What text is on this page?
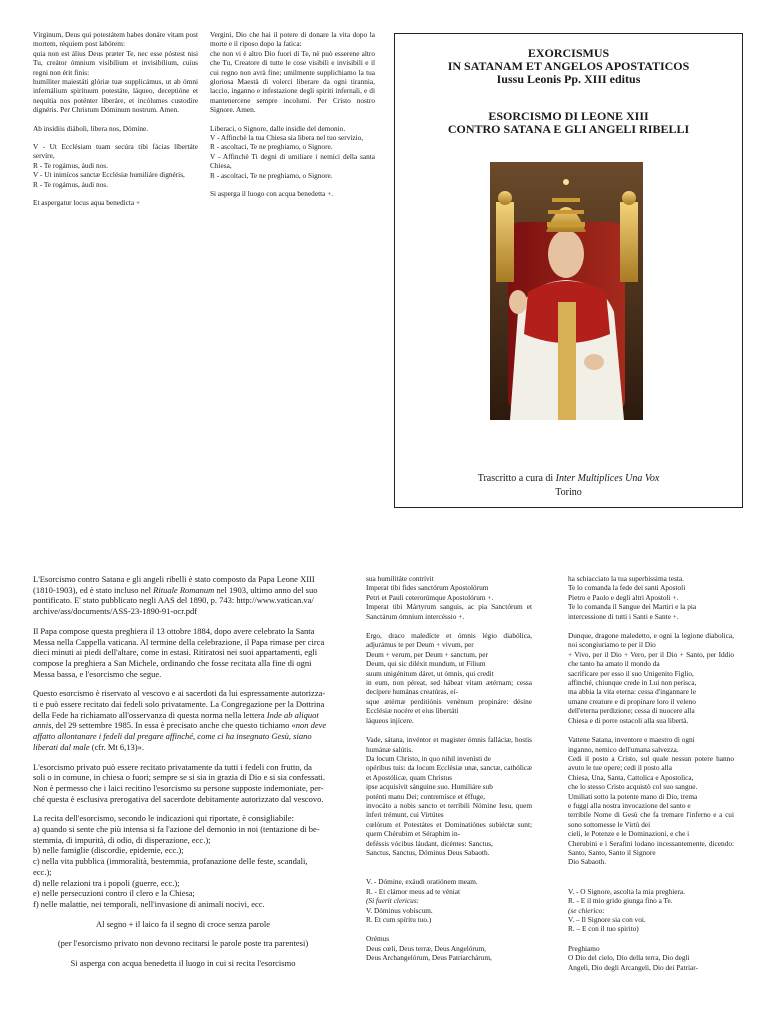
Vírginum, Deus qui potestátem habes donáre vitam post mortem, réquiem post labórem:
quia non est álius Deus præter Te, nec esse póstest nisi Tu, creátor ómnium visibílium et invisibílium, cuius regni non érit finis:
humíliter maiestáti glóriæ tuæ supplicámus, ut ab ómni infernálium spirítuum potestáte, láqueo, deceptióne et nequítia nos poténter líberáre, et incólumes custodíre dignéris. Per Christum Dóminum nostrum. Amen.
Ab insídiis diáboli, líbera nos, Dómine.
V - Ut Ecclésiam tuam secúra tibi fácias líbertáte servíre,
R - Te rogámus, áudi nos.
V - Ut inimícos sanctæ Ecclésiæ humiliáre dignéris,
R - Te rogámus, áudi nos.
Et aspergatur locus aqua benedicta +
Vergini, Dio che hai il potere di donare la vita dopo la morte e il riposo dopo la fatica:
che non vi è altro Dio fuori di Te, nè può esserene altro che Tu, Creatore di tutte le cose visibili e invisibili e il cui regno non avrà fine; umilmente supplichiamo la tua gloriosa Maestà di volerci liberare da ogni tirannia, laccio, inganno e infestazione degli spiriti infernali, e di mantenercene sempre incolumi. Per Cristo nostro Signore. Amen.
Liberaci, o Signore, dalle insidie del demonio.
V - Affinchè la tua Chiesa sia libera nel tuo servizio,
R - ascoltaci, Te ne preghiamo, o Signore.
V - Affinchè Ti degni di umiliare i nemici della santa Chiesa,
R - ascoltaci, Te ne preghiamo, o Signore.
Si asperga il luogo con acqua benedetta +.
EXORCISMUS
IN SATANAM ET ANGELOS APOSTATICOS
Iussu Leonis Pp. XIII editus
ESORCISMO DI LEONE XIII
CONTRO SATANA E GLI ANGELI RIBELLI
Trascritto a cura di Inter Multiplices Una Vox
Torino

L'Esorcismo contro Satana e gli angeli ribelli è stato composto da Papa Leone XIII
(1810-1903), ed è stato incluso nel Rituale Romanum nel 1903, ultimo anno del suo
pontificato. E' stato pubblicato negli AAS del 1890, p. 743: http://www.vatican.va/
archive/ass/documents/ASS-23-1890-91-ocr.pdf

Il Papa compose questa preghiera il 13 ottobre 1884, dopo avere celebrato la Santa
Messa nella Cappella vaticana. Al termine della celebrazione, il Papa rimase per circa
dieci minuti ai piedi dell'altare, come in estasi. Ritiratosi nei suoi appartamenti, egli
compose la preghiera a San Michele, ordinando che fosse recitata alla fine di ogni
Messa bassa, e l'esorcismo che segue.

Questo esorcismo è riservato al vescovo e ai sacerdoti da lui espressamente autorizza-
ti e può essere recitato dai fedeli solo privatamente. La Congregazione per la Dottrina
della Fede ha richiamato all'osservanza di questa norma nella lettera Inde ab aliquot
annis, del 29 settembre 1985. In essa è precisato anche che questo tichiamo «non deve
affatto allontanare i fedeli dal pregare affinché, come ci ha insegnato Gesù, siano
liberati dal male (cfr. Mt 6,13)».

L'esorcismo privato può essere recitato privatamente da tutti i fedeli con frutto, da
soli o in comune, in chiesa o fuori; sempre se si sia in grazia di Dio e si sia confessati.
Non è permesso che i laici recitino l'esorcismo su persone supposte indemoniate, per-
ché questa è esclusiva prerogativa del sacerdote debitamente autorizzato dal vescovo.

La recita dell'esorcismo, secondo le indicazioni qui riportate, è consigliabile:
a) quando si sente che più intensa si fa l'azione del demonio in noi (tentazione di be-
stemmia, di impurità, di odio, di disperazione, ecc.);
b) nelle famiglie (discordie, epidemie, ecc.);
c) nella vita pubblica (immoralità, bestemmia, profanazione delle feste, scandali,
ecc.);
d) nelle relazioni tra i popoli (guerre, ecc.);
e) nelle persecuzioni contro il clero e la Chiesa;
f) nelle malattie, nei temporali, nell'invasione di animali nocivi, ecc.

Al segno + il laico fa il segno di croce senza parole
(per l'esorcismo privato non devono recitarsi le parole poste tra parentesi)
Si asperga con acqua benedetta il luogo in cui si recita l'esorcismo
sua humilitáte contrívit
Imperat tibi fides sanctórum Apostolórum
Petri et Pauli ceterorúmque Apostolórum +.
Imperat tibi Mártyrum sanguis, ac pia Sanctórum et Sanctárum ómnium intercéssio +.
Ergo, draco maledícte et ómnis légio diabólica, adjurámus te per Deum + vivum, per
Deum + verum, per Deum + sanctum, per
Deum, qui sic diléxit mundum, ut Fílium
suum unigénitum dáret, ut ómnis, qui credit
in eum, non péreat, sed hábeat vitam ætérnam; cessa decípere humánas creatúras, eí-
sque ætérnæ perditiónis venénum propináre: désine Ecclésiæ nocére et eius libertáti
láqueos injícere.
Vade, sátana, invéntor et magister ómnis falláciæ, hostis humánæ salútis.
Da locum Christo, in quo nihil invenísti de
opéribus tuis: da locum Ecclésiæ unæ, sanctæ, cathólicæ et Apostólicæ, quam Christus
ipse acquisívit sánguine suo. Humiliáre sub
poténti manu Dei; contremísce et éffuge,
invocáto a nobis sancto et terríbili Nómine Iesu, quem ínferi trémunt, cui Virtútes
cœlórum et Potestátes et Dominatiónes subiéctæ sunt; quem Chérubim et Séraphim in-
deféssis vócibus láudant, dicéntes: Sanctus,
Sanctus, Sanctus, Dóminus Deus Sabaoth.
V. - Dómine, exáudi oratiónem meam.
R. - Et clámor meus ad te véniat
(Si fuerit clericus:
V. Dóminus vobíscum.
R. Et cum spíritu tuo.)
Orémus
Deus cœli, Deus terræ, Deus Angelórum,
Deus Archangelórum, Deus Patriarchárum,
ha schiacciato la tua superbissima testa.
Te lo comanda la fede dei santi Apostoli
Pietro e Paolo e degli altri Apostoli +.
Te lo comanda il Sangue dei Martiri e la pia
intercessione di tutti i Santi e Sante +.
Dunque, dragone maledetto, e ogni la legione diabolica, noi scongiuriamo te per il Dio
+ Vivo, per il Dio + Vero, per il Dio + Santo, per Iddio che tanto ha amato il mondo da
sacrificare per esso il suo Unigenito Figlio,
affinché, chiunque crede in Lui non perisca,
ma abbia la vita eterna: cessa d'ingannare le
umane creature e di propinare loro il veleno
dell'eterna perdizione; cessa di nuocere alla
Chiesa e di porre ostacoli alla sua libertà.
Vattene Satana, inventore e maestro di ogni
inganno, nemico dell'umana salvezza.
Cedi il posto a Cristo, sul quale nessun potere hanno avuto le tue opere; cedi il posto alla
Chiesa, Una, Santa, Cattolica e Apostolica,
che lo stesso Cristo acquistò col suo sangue.
Umiliati sotto la potente mano di Dio, trema
e fuggi alla nostra invocazione del santo e
terribile Nome di Gesù che fa tremare l'inferno e a cui sono sottomesse le Virtù dei
cieli, le Potenze e le Dominazioni, e che i
Cherubini e i Serafini lodano incessantemente, dicendo: Santo, Santo, Santo il Signore
Dio Sabaoth.
V. - O Signore, ascolta la mia preghiera.
R. - E il mio grido giunga fino a Te.
(se chierico:
V. – Il Signore sia con voi.
R. – E con il tuo spirito)
Preghiamo
O Dio del cielo, Dio della terra, Dio degli
Angeli, Dio degli Arcangeli, Dio dei Patriar-
